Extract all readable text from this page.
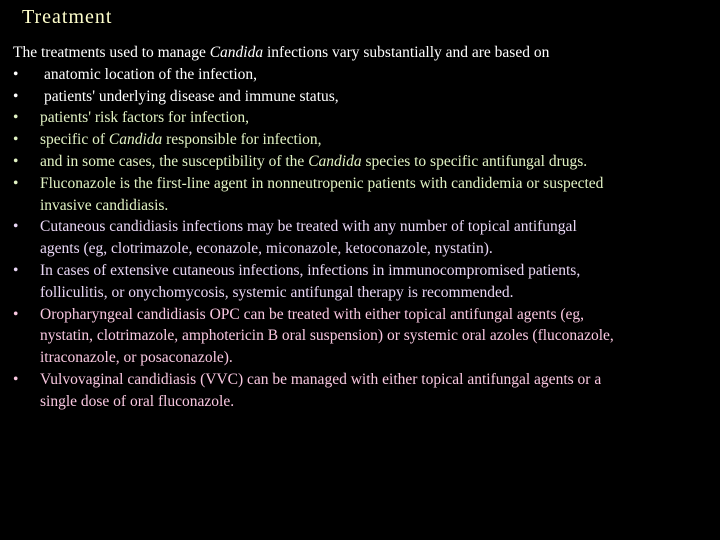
Treatment
The treatments used to manage Candida infections vary substantially and are based on
• anatomic location of the infection,
• patients' underlying disease and immune status,
• patients' risk factors for infection,
• specific of Candida responsible for infection,
• and in some cases, the susceptibility of the Candida species to specific antifungal drugs.
• Fluconazole is the first-line agent in nonneutropenic patients with candidemia or suspected
invasive candidiasis.
• Cutaneous candidiasis infections may be treated with any number of topical antifungal
agents (eg, clotrimazole, econazole, miconazole, ketoconazole, nystatin).
• In cases of extensive cutaneous infections, infections in immunocompromised patients,
folliculitis, or onychomycosis, systemic antifungal therapy is recommended.
• Oropharyngeal candidiasis OPC can be treated with either topical antifungal agents (eg,
nystatin, clotrimazole, amphotericin B oral suspension) or systemic oral azoles (fluconazole,
itraconazole, or posaconazole).
• Vulvovaginal candidiasis (VVC) can be managed with either topical antifungal agents or a
single dose of oral fluconazole.
